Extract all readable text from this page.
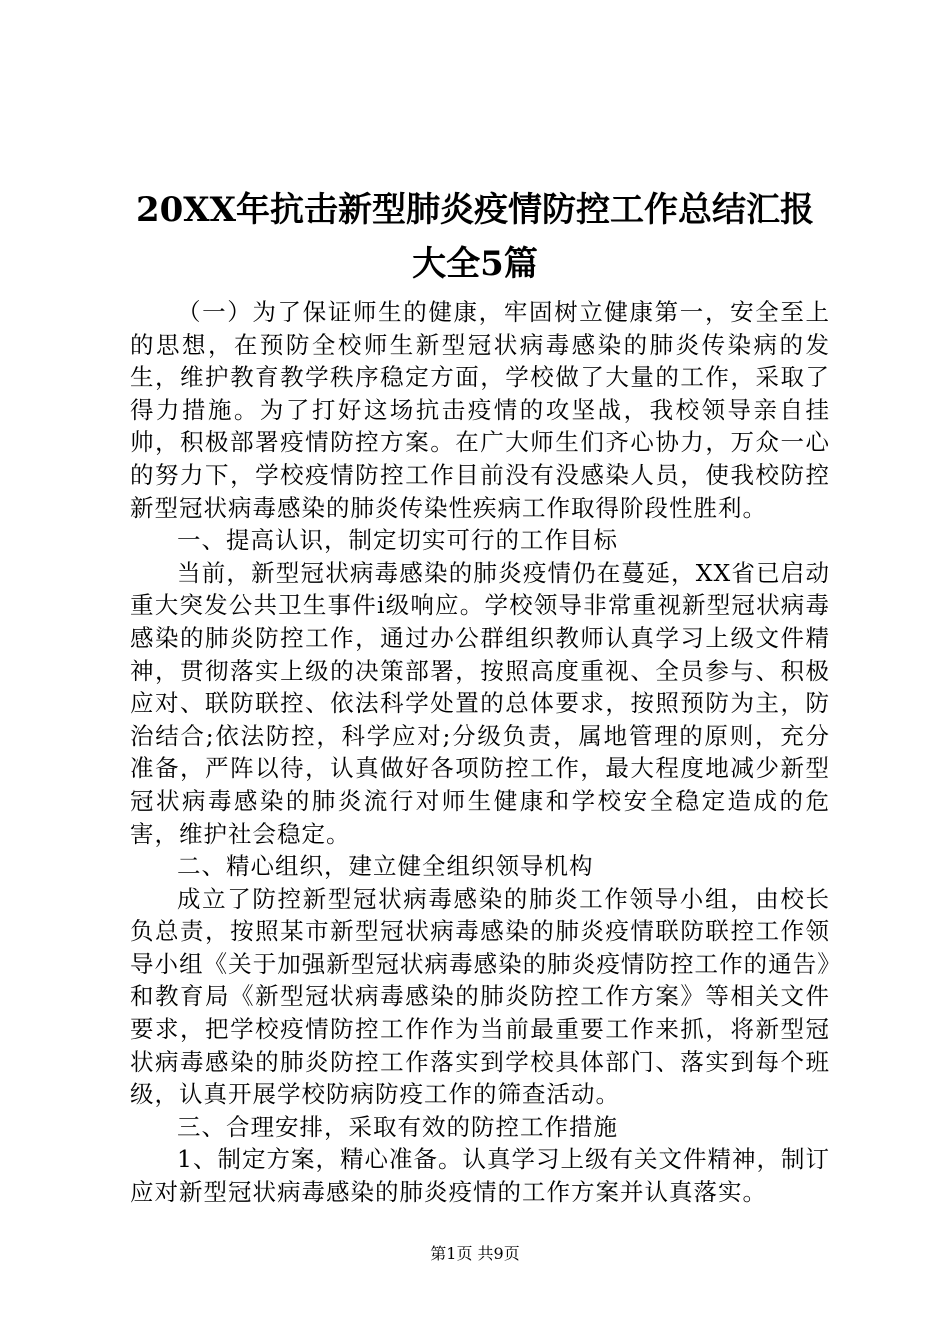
20XX年抗击新型肺炎疫情防控工作总结汇报
大全5篇

（一）为了保证师生的健康，牢固树立健康第一，安全至上的思想，在预防全校师生新型冠状病毒感染的肺炎传染病的发生，维护教育教学秩序稳定方面，学校做了大量的工作，采取了得力措施。为了打好这场抗击疫情的攻坚战，我校领导亲自挂帅，积极部署疫情防控方案。在广大师生们齐心协力，万众一心的努力下，学校疫情防控工作目前没有没感染人员，使我校防控新型冠状病毒感染的肺炎传染性疾病工作取得阶段性胜利。

一、提高认识，制定切实可行的工作目标

当前，新型冠状病毒感染的肺炎疫情仍在蔓延，XX省已启动重大突发公共卫生事件ⅰ级响应。学校领导非常重视新型冠状病毒感染的肺炎防控工作，通过办公群组织教师认真学习上级文件精神，贯彻落实上级的决策部署，按照高度重视、全员参与、积极应对、联防联控、依法科学处置的总体要求，按照预防为主，防治结合;依法防控，科学应对;分级负责，属地管理的原则，充分准备，严阵以待，认真做好各项防控工作，最大程度地减少新型冠状病毒感染的肺炎流行对师生健康和学校安全稳定造成的危害，维护社会稳定。

二、精心组织，建立健全组织领导机构

成立了防控新型冠状病毒感染的肺炎工作领导小组，由校长负总责，按照某市新型冠状病毒感染的肺炎疫情联防联控工作领导小组《关于加强新型冠状病毒感染的肺炎疫情防控工作的通告》和教育局《新型冠状病毒感染的肺炎防控工作方案》等相关文件要求，把学校疫情防控工作作为当前最重要工作来抓，将新型冠状病毒感染的肺炎防控工作落实到学校具体部门、落实到每个班级，认真开展学校防病防疫工作的筛查活动。

三、合理安排，采取有效的防控工作措施

1、制定方案，精心准备。认真学习上级有关文件精神，制订应对新型冠状病毒感染的肺炎疫情的工作方案并认真落实。

第1页 共9页
